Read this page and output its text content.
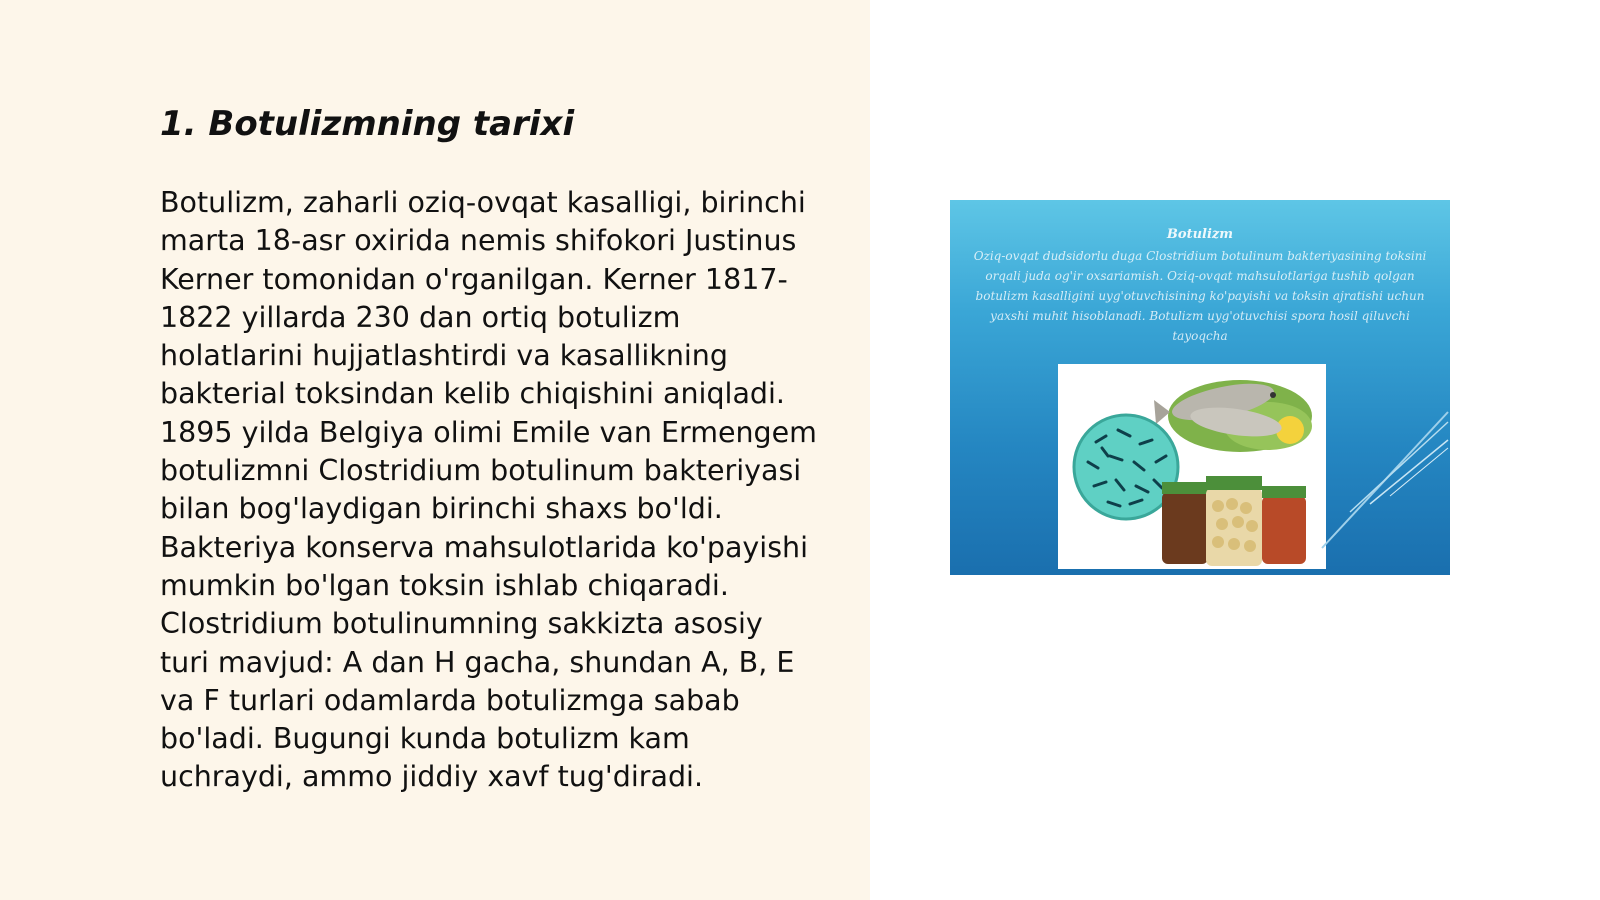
1. Botulizmning tarixi

Botulizm, zaharli oziq-ovqat kasalligi, birinchi
marta 18-asr oxirida nemis shifokori Justinus
Kerner tomonidan o'rganilgan. Kerner 1817-
1822 yillarda 230 dan ortiq botulizm
holatlarini hujjatlashtirdi va kasallikning
bakterial toksindan kelib chiqishini aniqladi.
1895 yilda Belgiya olimi Emile van Ermengem
botulizmni Clostridium botulinum bakteriyasi
bilan bog'laydigan birinchi shaxs bo'ldi.
Bakteriya konserva mahsulotlarida ko'payishi
mumkin bo'lgan toksin ishlab chiqaradi.
Clostridium botulinumning sakkizta asosiy
turi mavjud: A dan H gacha, shundan A, B, E
va F turlari odamlarda botulizmga sabab
bo'ladi. Bugungi kunda botulizm kam
uchraydi, ammo jiddiy xavf tug'diradi.

Botulizm
Oziq-ovqat dudsidorlu duga Clostridium botulinum bakteriyasining toksini orqali juda og'ir oxsariamish. Oziq-ovqat mahsulotlariga tushib qolgan botulizm kasalligini uyg'otuvchisining ko'payishi va toksin ajratishi uchun yaxshi muhit hisoblanadi. Botulizm uyg'otuvchisi spora hosil qiluvchi tayoqcha
